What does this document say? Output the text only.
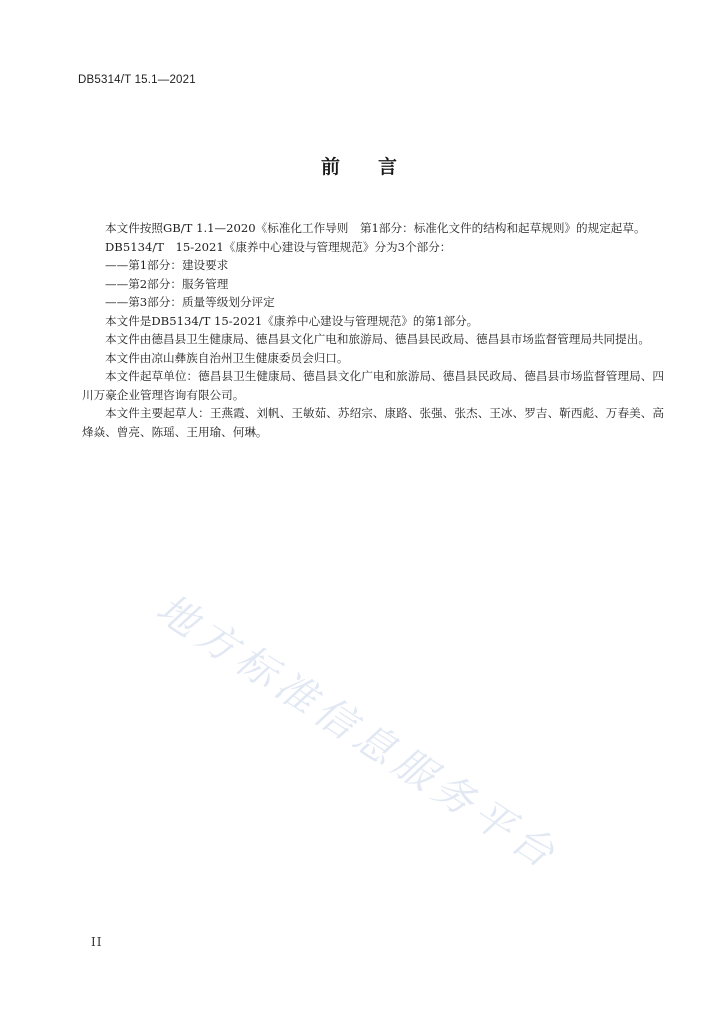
DB5314/T 15.1—2021
前言

本文件按照GB/T 1.1—2020《标准化工作导则　第1部分：标准化文件的结构和起草规则》的规定起草。

DB5134/T　15-2021《康养中心建设与管理规范》分为3个部分：

——第1部分：建设要求

——第2部分：服务管理

——第3部分：质量等级划分评定

本文件是DB5134/T 15-2021《康养中心建设与管理规范》的第1部分。

本文件由德昌县卫生健康局、德昌县文化广电和旅游局、德昌县民政局、德昌县市场监督管理局共同提出。

本文件由凉山彝族自治州卫生健康委员会归口。

本文件起草单位：德昌县卫生健康局、德昌县文化广电和旅游局、德昌县民政局、德昌县市场监督管理局、四川万豪企业管理咨询有限公司。

本文件主要起草人：王燕霞、刘帆、王敏茹、苏绍宗、康路、张强、张杰、王冰、罗吉、靳西彪、万春美、高烽焱、曾亮、陈瑶、王用瑜、何琳。

地方标准信息服务平台
II
